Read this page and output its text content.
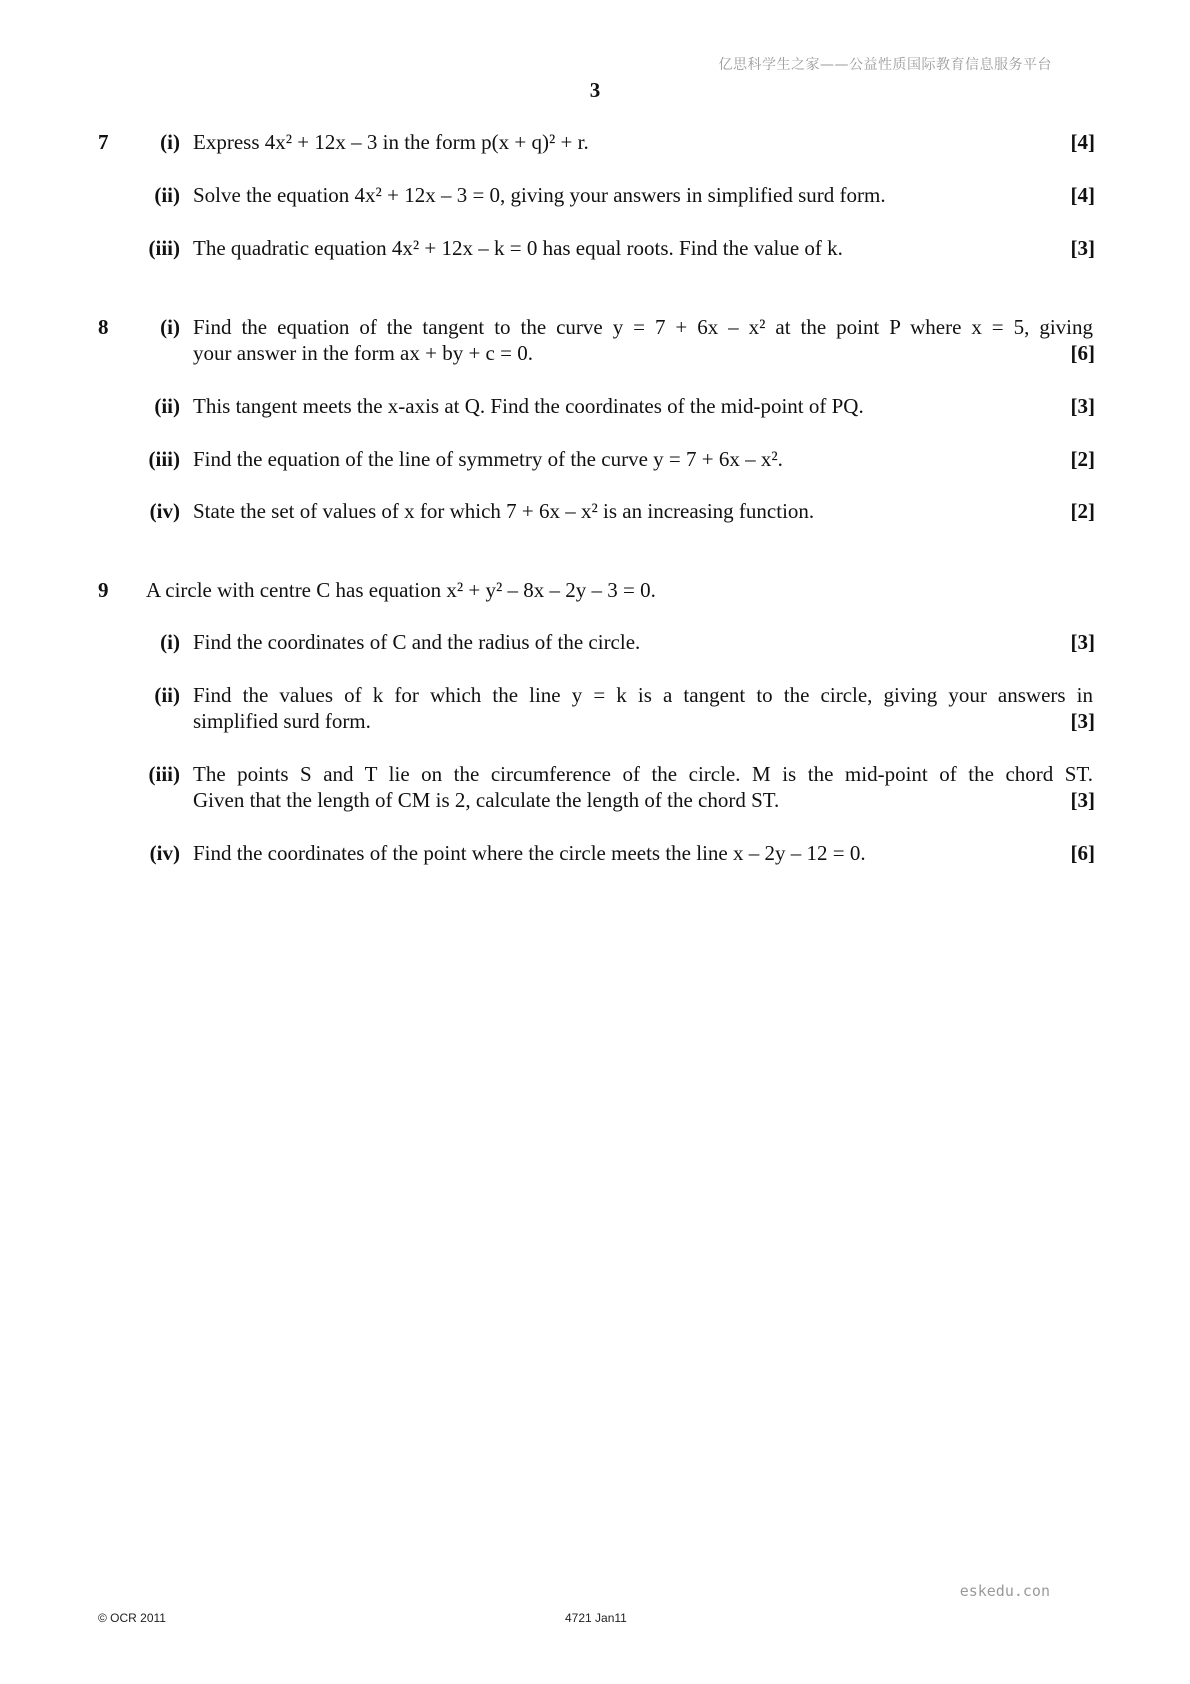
亿思科学生之家——公益性质国际教育信息服务平台
3
7	(i) Express 4x² + 12x – 3 in the form p(x + q)² + r.	[4]
(ii) Solve the equation 4x² + 12x – 3 = 0, giving your answers in simplified surd form.	[4]
(iii) The quadratic equation 4x² + 12x – k = 0 has equal roots. Find the value of k.	[3]
8	(i) Find the equation of the tangent to the curve y = 7 + 6x – x² at the point P where x = 5, giving
your answer in the form ax + by + c = 0.	[6]
(ii) This tangent meets the x-axis at Q. Find the coordinates of the mid-point of PQ.	[3]
(iii) Find the equation of the line of symmetry of the curve y = 7 + 6x – x².	[2]
(iv) State the set of values of x for which 7 + 6x – x² is an increasing function.	[2]
9 A circle with centre C has equation x² + y² – 8x – 2y – 3 = 0.
(i) Find the coordinates of C and the radius of the circle.	[3]
(ii) Find the values of k for which the line y = k is a tangent to the circle, giving your answers in
simplified surd form.	[3]
(iii) The points S and T lie on the circumference of the circle. M is the mid-point of the chord ST.
Given that the length of CM is 2, calculate the length of the chord ST.	[3]
(iv) Find the coordinates of the point where the circle meets the line x – 2y – 12 = 0.	[6]
eskedu.con
© OCR 2011	4721 Jan11
